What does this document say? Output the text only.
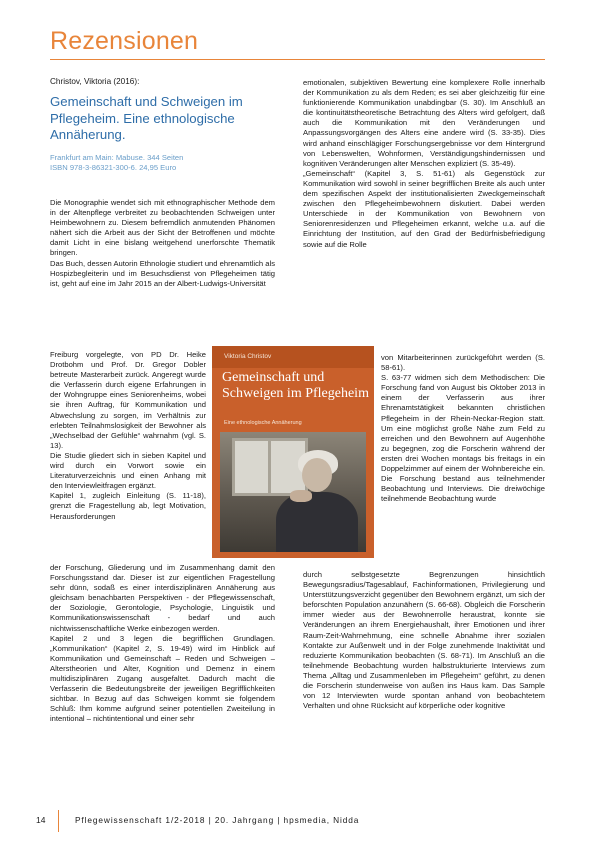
Rezensionen
Christov, Viktoria (2016):
Gemeinschaft und Schweigen im Pflegeheim. Eine ethnologische Annäherung.
Frankfurt am Main: Mabuse. 344 Seiten
ISBN 978-3-86321-300-6. 24,95 Euro

Die Monographie wendet sich mit ethnographischer Methode dem in der Altenpflege verbreitet zu beobachtenden Schweigen unter Heimbewohnern zu. Diesem befremdlich anmutenden Phänomen nähert sich die Arbeit aus der Sicht der Betroffenen und möchte damit Licht in eine bislang weitgehend unerforschte Thematik bringen.

Das Buch, dessen Autorin Ethnologie studiert und ehrenamtlich als Hospizbegleiterin und im Besuchsdienst von Pflegeheimen tätig ist, geht auf eine im Jahr 2015 an der Albert-Ludwigs-Universität

Freiburg vorgelegte, von PD Dr. Heike Drotbohm und Prof. Dr. Gregor Dobler betreute Masterarbeit zurück. Angeregt wurde die Verfasserin durch eigene Erfahrungen in der Wohngruppe eines Seniorenheims, wobei sie ihren Auftrag, für Kommunikation und Abwechslung zu sorgen, im Verhältnis zur erlebten Teilnahmslosigkeit der Bewohner als „Wechselbad der Gefühle“ wahrnahm (vgl. S. 13).

Die Studie gliedert sich in sieben Kapitel und wird durch ein Vorwort sowie ein Literaturverzeichnis und einen Anhang mit den Interviewleitfragen ergänzt.

Kapitel 1, zugleich Einleitung (S. 11-18), grenzt die Fragestellung ab, legt Motivation, Herausforderungen

Viktoria Christov
Gemeinschaft und Schweigen im Pflegeheim
Eine ethnologische Annäherung

der Forschung, Gliederung und im Zusammenhang damit den Forschungsstand dar. Dieser ist zur eigentlichen Fragestellung sehr dünn, sodaß es einer interdisziplinären Annäherung aus gleichsam benachbarten Perspektiven - der Pflegewissenschaft, der Soziologie, Gerontologie, Psychologie, Linguistik und Kommunikationswissenschaft - bedarf und auch nichtwissenschaftliche Werke einbezogen werden.

Kapitel 2 und 3 legen die begrifflichen Grundlagen. „Kommunikation“ (Kapitel 2, S. 19-49) wird im Hinblick auf Kommunikation und Gemeinschaft – Reden und Schweigen – Alterstheorien und Alter, Kognition und Demenz in einem multidisziplinären Zugang ausgefaltet. Dadurch macht die Verfasserin die Bedeutungsbreite der jeweiligen Begrifflichkeiten sichtbar. In Bezug auf das Schweigen kommt sie folgendem Schluß: Ihm komme aufgrund seiner potentiellen Zweiteilung in intentional – nichtintentional und einer sehr

emotionalen, subjektiven Bewertung eine komplexere Rolle innerhalb der Kommunikation zu als dem Reden; es sei aber gleichzeitig für eine funktionierende Kommunikation unabdingbar (S. 30). Im Anschluß an die kontinuitätstheoretische Betrachtung des Alters wird gefolgert, daß auch die Kommunikation mit den Veränderungen und Anpassungsvorgängen des Alters eine andere wird (S. 33-35). Dies wird anhand einschlägiger Forschungsergebnisse vor dem Hintergrund von Lebenswelten, Wohnformen, Verständigungshindernissen und kognitiven Veränderungen alter Menschen expliziert (S. 35-49).

„Gemeinschaft“ (Kapitel 3, S. 51-61) als Gegenstück zur Kommunikation wird sowohl in seiner begrifflichen Breite als auch unter dem spezifischen Aspekt der institutionalisierten Zweckgemeinschaft zwischen den Pflegeheimbewohnern diskutiert. Dabei werden Unterschiede in der Kommunikation von Bewohnern von Seniorenresidenzen und Pflegeheimen erkannt, welche u.a. auf die Einrichtung der Institution, auf den Grad der Bedürfnisbefriedigung sowie auf die Rolle

von Mitarbeiterinnen zurückgeführt werden (S. 58-61).

S. 63-77 widmen sich dem Methodischen: Die Forschung fand von August bis Oktober 2013 in einem der Verfasserin aus ihrer Ehrenamtstätigkeit bekannten christlichen Pflegeheim in der Rhein-Neckar-Region statt. Um eine möglichst große Nähe zum Feld zu erreichen und den Bewohnern auf Augenhöhe zu begegnen, zog die Forscherin während der ersten drei Wochen montags bis freitags in ein Doppelzimmer auf einem der Wohnbereiche ein. Die Forschung bestand aus teilnehmender Beobachtung und Interviews. Die dreiwöchige teilnehmende Beobachtung wurde

durch selbstgesetzte Begrenzungen hinsichtlich Bewegungsradius/Tagesablauf, Fachinformationen, Privilegierung und Unterstützungsverzicht gegenüber den Bewohnern ergänzt, um sich der beforschten Population anzunähern (S. 66-68). Obgleich die Forscherin immer wieder aus der Bewohnerrolle heraustrat, konnte sie Veränderungen an ihrem Energiehaushalt, ihrer Emotionen und ihrer Raum-Zeit-Wahrnehmung, eine schnelle Abnahme ihrer sozialen Kontakte zur Außenwelt und in der Folge zunehmende Inaktivität und reduzierte Kommunikation beobachten (S. 68-71). Im Anschluß an die teilnehmende Beobachtung wurden halbstrukturierte Interviews zum Thema „Alltag und Zusammenleben im Pflegeheim“ geführt, zu denen die Forscherin stundenweise von außen ins Haus kam. Das Sample von 12 Interviewten wurde spontan anhand von beobachtetem Verhalten und ohne Rücksicht auf körperliche oder kognitive

14	Pflegewissenschaft 1/2-2018 | 20. Jahrgang | hpsmedia, Nidda
